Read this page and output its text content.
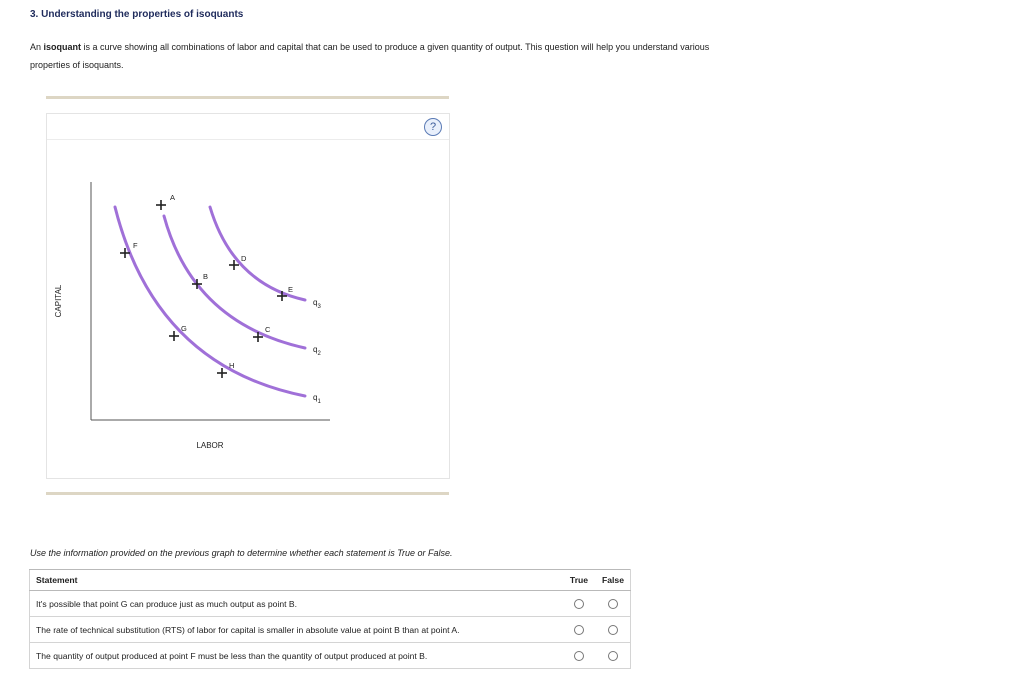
3. Understanding the properties of isoquants
An isoquant is a curve showing all combinations of labor and capital that can be used to produce a given quantity of output. This question will help you understand various properties of isoquants.
?
CAPITAL
LABOR
$q_1$
$q_2$
$q_3$
A
F
B
D
E
G	C
H
Use the information provided on the previous graph to determine whether each statement is True or False.
Statement	True	False
It's possible that point G can produce just as much output as point B.		
The rate of technical substitution (RTS) of labor for capital is smaller in absolute value at point B than at point A.		
The quantity of output produced at point F must be less than the quantity of output produced at point B.		
